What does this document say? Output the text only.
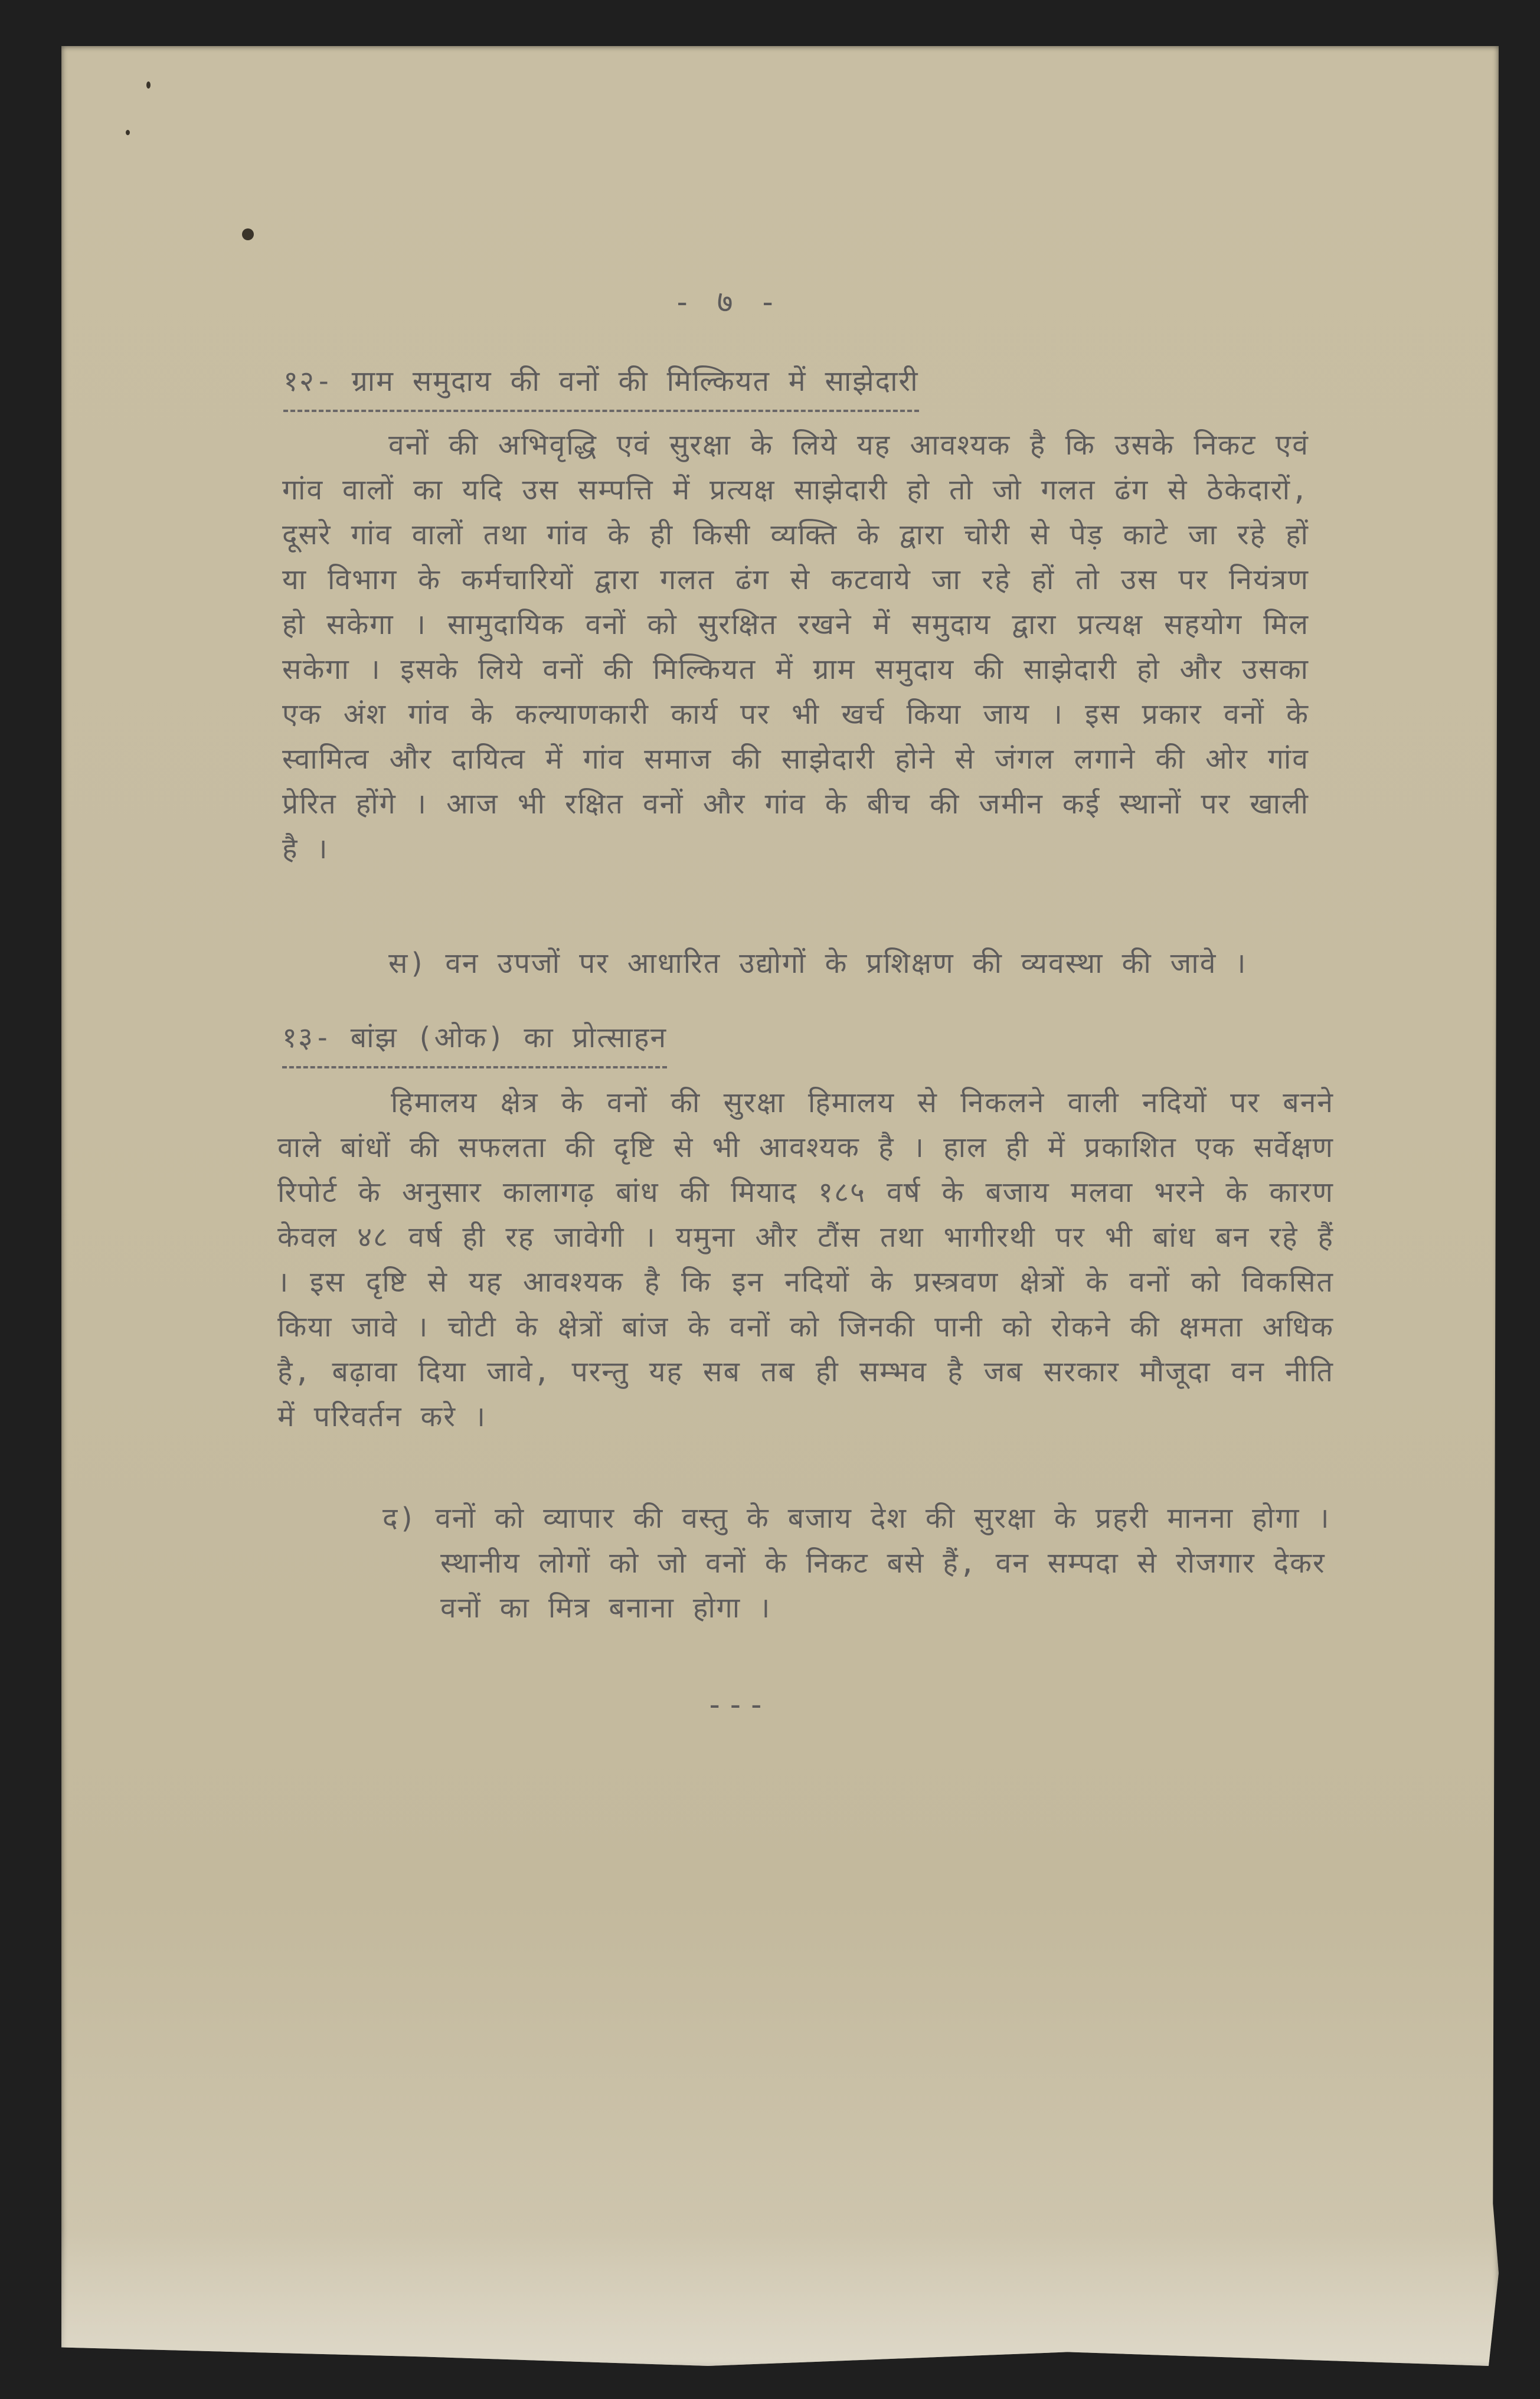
- ७ -
१२- ग्राम समुदाय की वनों की मिल्कियत में साझेदारी
वनों की अभिवृद्धि एवं सुरक्षा के लिये यह आवश्यक है कि उसके निकट एवं गांव वालों का यदि उस सम्पत्ति में प्रत्यक्ष साझेदारी हो तो जो गलत ढंग से ठेकेदारों, दूसरे गांव वालों तथा गांव के ही किसी व्यक्ति के द्वारा चोरी से पेड़ काटे जा रहे हों या विभाग के कर्मचारियों द्वारा गलत ढंग से कटवाये जा रहे हों तो उस पर नियंत्रण हो सकेगा । सामुदायिक वनों को सुरक्षित रखने में समुदाय द्वारा प्रत्यक्ष सहयोग मिल सकेगा । इसके लिये वनों की मिल्कियत में ग्राम समुदाय की साझेदारी हो और उसका एक अंश गांव के कल्याणकारी कार्य पर भी खर्च किया जाय । इस प्रकार वनों के स्वामित्व और दायित्व में गांव समाज की साझेदारी होने से जंगल लगाने की ओर गांव प्रेरित होंगे । आज भी रक्षित वनों और गांव के बीच की जमीन कई स्थानों पर खाली है ।
स) वन उपजों पर आधारित उद्योगों के प्रशिक्षण की व्यवस्था की जावे ।
१३- बांझ (ओक) का प्रोत्साहन
हिमालय क्षेत्र के वनों की सुरक्षा हिमालय से निकलने वाली नदियों पर बनने वाले बांधों की सफलता की दृष्टि से भी आवश्यक है । हाल ही में प्रकाशित एक सर्वेक्षण रिपोर्ट के अनुसार कालागढ़ बांध की मियाद १८५ वर्ष के बजाय मलवा भरने के कारण केवल ४८ वर्ष ही रह जावेगी । यमुना और टौंस तथा भागीरथी पर भी बांध बन रहे हैं । इस दृष्टि से यह आवश्यक है कि इन नदियों के प्रस्त्रवण क्षेत्रों के वनों को विकसित किया जावे । चोटी के क्षेत्रों बांज के वनों को जिनकी पानी को रोकने की क्षमता अधिक है, बढ़ावा दिया जावे, परन्तु यह सब तब ही सम्भव है जब सरकार मौजूदा वन नीति में परिवर्तन करे ।
द) वनों को व्यापार की वस्तु के बजाय देश की सुरक्षा के प्रहरी मानना होगा । स्थानीय लोगों को जो वनों के निकट बसे हैं, वन सम्पदा से रोजगार देकर वनों का मित्र बनाना होगा ।
---
